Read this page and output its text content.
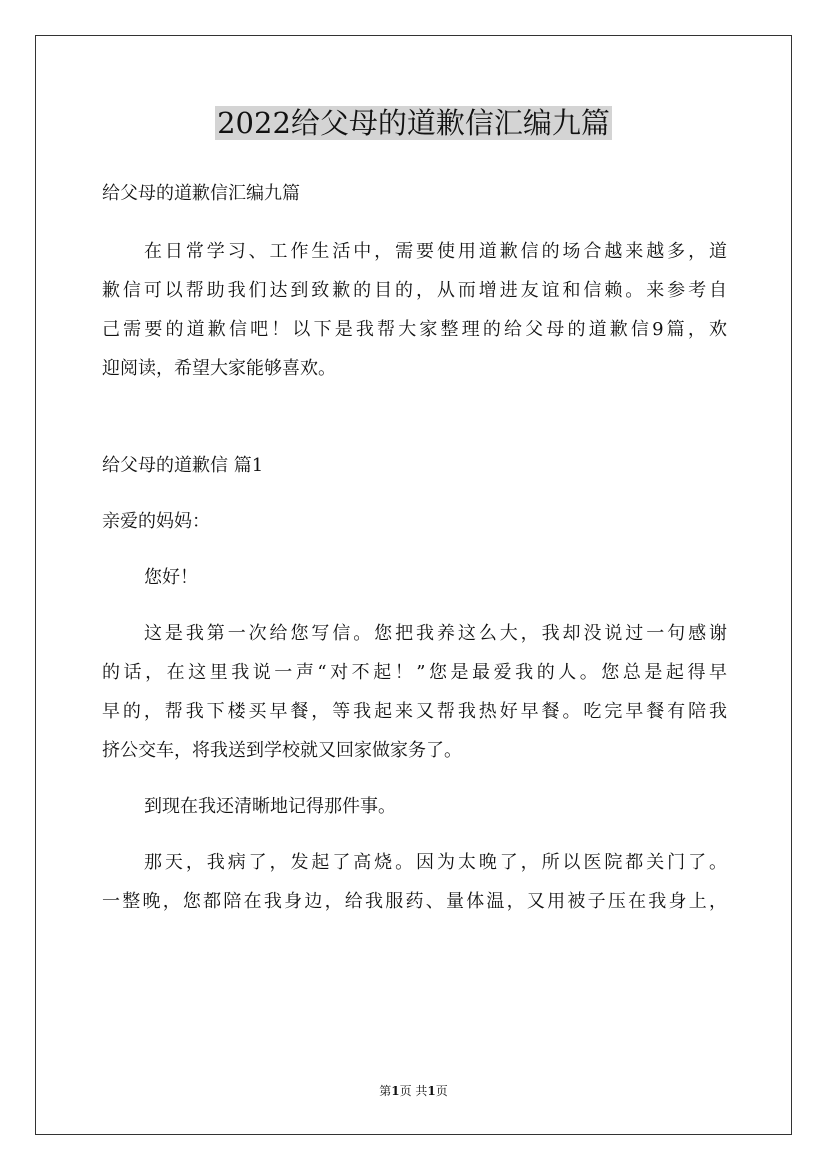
2022给父母的道歉信汇编九篇
给父母的道歉信汇编九篇
在日常学习、工作生活中，需要使用道歉信的场合越来越多，道
歉信可以帮助我们达到致歉的目的，从而增进友谊和信赖。来参考自
己需要的道歉信吧！以下是我帮大家整理的给父母的道歉信9篇，欢
迎阅读，希望大家能够喜欢。
给父母的道歉信 篇1
亲爱的妈妈：
您好！
这是我第一次给您写信。您把我养这么大，我却没说过一句感谢
的话，在这里我说一声“对不起！”您是最爱我的人。您总是起得早
早的，帮我下楼买早餐，等我起来又帮我热好早餐。吃完早餐有陪我
挤公交车，将我送到学校就又回家做家务了。
到现在我还清晰地记得那件事。
那天，我病了，发起了高烧。因为太晚了，所以医院都关门了。
一整晚，您都陪在我身边，给我服药、量体温，又用被子压在我身上，
第1页 共1页
